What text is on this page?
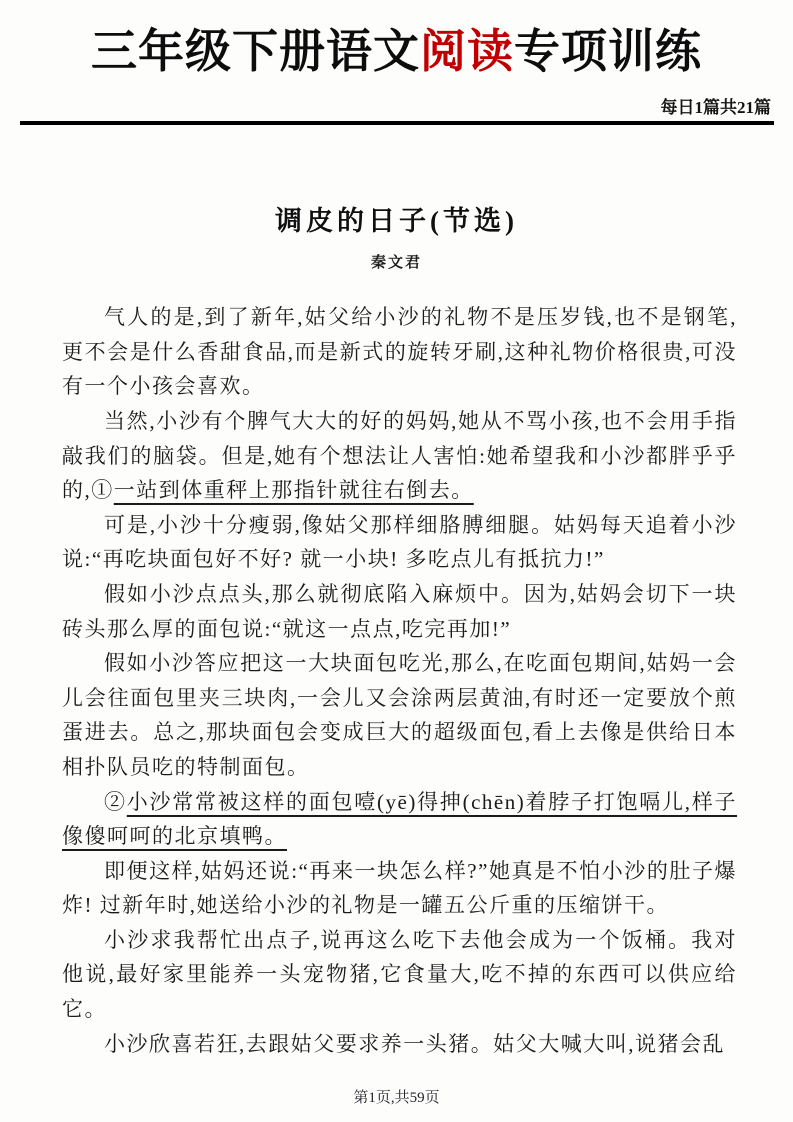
三年级下册语文阅读专项训练
每日1篇共21篇
调皮的日子(节选)
秦文君

气人的是,到了新年,姑父给小沙的礼物不是压岁钱,也不是钢笔,更不会是什么香甜食品,而是新式的旋转牙刷,这种礼物价格很贵,可没有一个小孩会喜欢。

当然,小沙有个脾气大大的好的妈妈,她从不骂小孩,也不会用手指敲我们的脑袋。但是,她有个想法让人害怕:她希望我和小沙都胖乎乎的,①一站到体重秤上那指针就往右倒去。

可是,小沙十分瘦弱,像姑父那样细胳膊细腿。姑妈每天追着小沙说:“再吃块面包好不好? 就一小块! 多吃点儿有抵抗力!”

假如小沙点点头,那么就彻底陷入麻烦中。因为,姑妈会切下一块砖头那么厚的面包说:“就这一点点,吃完再加!”

假如小沙答应把这一大块面包吃光,那么,在吃面包期间,姑妈一会儿会往面包里夹三块肉,一会儿又会涂两层黄油,有时还一定要放个煎蛋进去。总之,那块面包会变成巨大的超级面包,看上去像是供给日本相扑队员吃的特制面包。

②小沙常常被这样的面包噎(yē)得抻(chēn)着脖子打饱嗝儿,样子像傻呵呵的北京填鸭。

即便这样,姑妈还说:“再来一块怎么样?”她真是不怕小沙的肚子爆炸! 过新年时,她送给小沙的礼物是一罐五公斤重的压缩饼干。

小沙求我帮忙出点子,说再这么吃下去他会成为一个饭桶。我对他说,最好家里能养一头宠物猪,它食量大,吃不掉的东西可以供应给它。

小沙欣喜若狂,去跟姑父要求养一头猪。姑父大喊大叫,说猪会乱

第1页,共59页
